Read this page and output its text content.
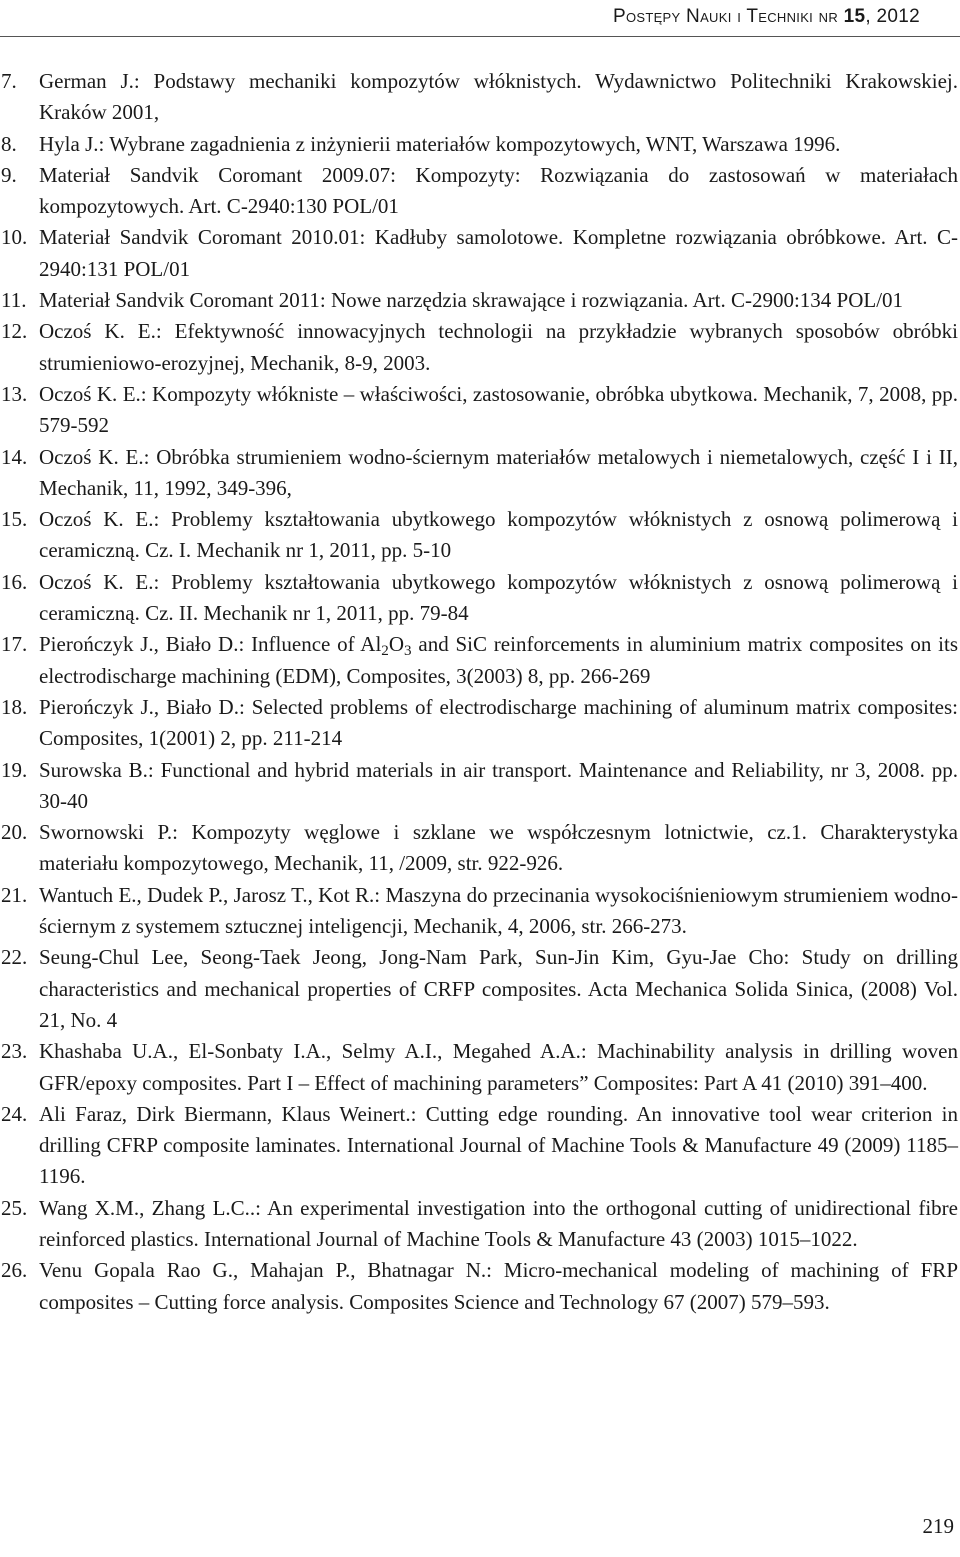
Postępy Nauki i Techniki nr 15, 2012
7.	German J.: Podstawy mechaniki kompozytów włóknistych. Wydawnictwo Politechniki Krakowskiej. Kraków 2001,
8.	Hyla J.: Wybrane zagadnienia z inżynierii materiałów kompozytowych, WNT, Warszawa 1996.
9.	Materiał Sandvik Coromant 2009.07: Kompozyty: Rozwiązania do zastosowań w materiałach kompozytowych. Art. C-2940:130 POL/01
10. Materiał Sandvik Coromant 2010.01: Kadłuby samolotowe. Kompletne rozwiązania obróbkowe. Art. C-2940:131 POL/01
11. Materiał Sandvik Coromant 2011: Nowe narzędzia skrawające i rozwiązania. Art. C-2900:134 POL/01
12. Oczoś K. E.: Efektywność innowacyjnych technologii na przykładzie wybranych sposobów obróbki strumieniowo-erozyjnej, Mechanik, 8-9, 2003.
13. Oczoś K. E.: Kompozyty włókniste – właściwości, zastosowanie, obróbka ubytkowa. Mechanik, 7, 2008, pp. 579-592
14. Oczoś K. E.: Obróbka strumieniem wodno-ściernym materiałów metalowych i niemetalowych, część I i II, Mechanik, 11, 1992, 349-396,
15. Oczoś K. E.: Problemy kształtowania ubytkowego kompozytów włóknistych z osnową polimerową i ceramiczną. Cz. I. Mechanik nr 1, 2011, pp. 5-10
16. Oczoś K. E.: Problemy kształtowania ubytkowego kompozytów włóknistych z osnową polimerową i ceramiczną. Cz. II. Mechanik nr 1, 2011, pp. 79-84
17. Pierończyk J., Biało D.: Influence of $Al_2O_3$ and SiC reinforcements in aluminium matrix composites on its electrodischarge machining (EDM), Composites, 3(2003) 8, pp. 266-269
18. Pierończyk J., Biało D.: Selected problems of electrodischarge machining of aluminum matrix composites: Composites, 1(2001) 2, pp. 211-214
19. Surowska B.: Functional and hybrid materials in air transport. Maintenance and Reliability, nr 3, 2008. pp. 30-40
20. Swornowski P.: Kompozyty węglowe i szklane we współczesnym lotnictwie, cz.1. Charakterystyka materiału kompozytowego, Mechanik, 11, /2009, str. 922-926.
21. Wantuch E., Dudek P., Jarosz T., Kot R.: Maszyna do przecinania wysokociśnieniowym strumieniem wodno-ściernym z systemem sztucznej inteligencji, Mechanik, 4, 2006, str. 266-273.
22. Seung-Chul Lee, Seong-Taek Jeong, Jong-Nam Park, Sun-Jin Kim, Gyu-Jae Cho: Study on drilling characteristics and mechanical properties of CRFP composites. Acta Mechanica Solida Sinica, (2008) Vol. 21, No. 4
23. Khashaba U.A., El-Sonbaty I.A., Selmy A.I., Megahed A.A.: Machinability analysis in drilling woven GFR/epoxy composites. Part I – Effect of machining parameters” Composites: Part A 41 (2010) 391–400.
24. Ali Faraz, Dirk Biermann, Klaus Weinert.: Cutting edge rounding. An innovative tool wear criterion in drilling CFRP composite laminates. International Journal of Machine Tools & Manufacture 49 (2009) 1185–1196.
25. Wang X.M., Zhang L.C..: An experimental investigation into the orthogonal cutting of unidirectional fibre reinforced plastics. International Journal of Machine Tools & Manufacture 43 (2003) 1015–1022.
26. Venu Gopala Rao G., Mahajan P., Bhatnagar N.: Micro-mechanical modeling of machining of FRP composites – Cutting force analysis. Composites Science and Technology 67 (2007) 579–593.
219
